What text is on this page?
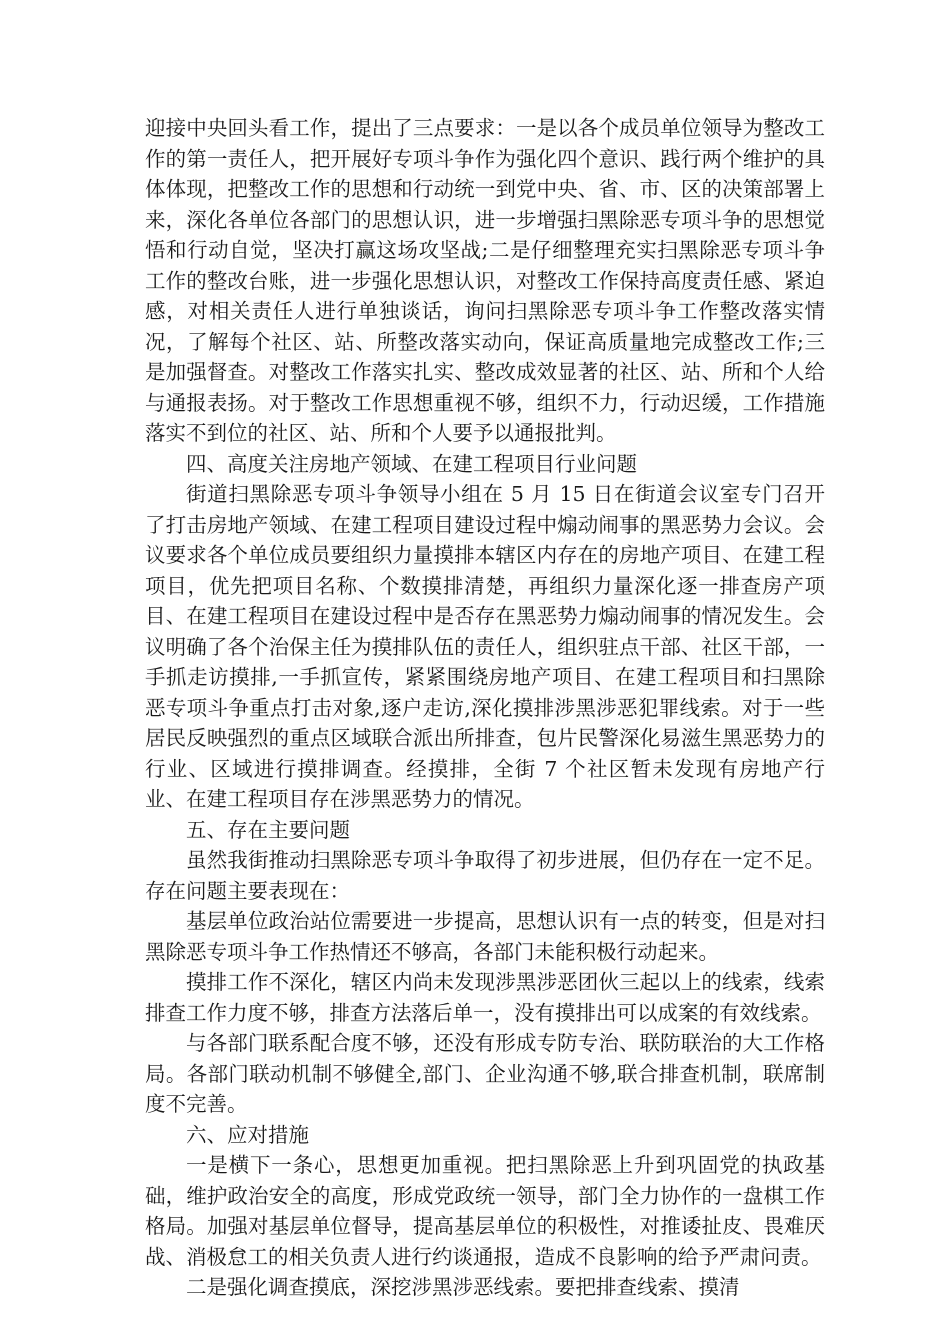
迎接中央回头看工作，提出了三点要求：一是以各个成员单位领导为整改工作的第一责任人，把开展好专项斗争作为强化四个意识、践行两个维护的具体体现，把整改工作的思想和行动统一到党中央、省、市、区的决策部署上来，深化各单位各部门的思想认识，进一步增强扫黑除恶专项斗争的思想觉悟和行动自觉，坚决打赢这场攻坚战;二是仔细整理充实扫黑除恶专项斗争工作的整改台账，进一步强化思想认识，对整改工作保持高度责任感、紧迫感，对相关责任人进行单独谈话，询问扫黑除恶专项斗争工作整改落实情况，了解每个社区、站、所整改落实动向，保证高质量地完成整改工作;三是加强督查。对整改工作落实扎实、整改成效显著的社区、站、所和个人给与通报表扬。对于整改工作思想重视不够，组织不力，行动迟缓，工作措施落实不到位的社区、站、所和个人要予以通报批判。

四、高度关注房地产领域、在建工程项目行业问题

街道扫黑除恶专项斗争领导小组在 5 月 15 日在街道会议室专门召开了打击房地产领域、在建工程项目建设过程中煽动闹事的黑恶势力会议。会议要求各个单位成员要组织力量摸排本辖区内存在的房地产项目、在建工程项目，优先把项目名称、个数摸排清楚，再组织力量深化逐一排查房产项目、在建工程项目在建设过程中是否存在黑恶势力煽动闹事的情况发生。会议明确了各个治保主任为摸排队伍的责任人，组织驻点干部、社区干部，一手抓走访摸排,一手抓宣传，紧紧围绕房地产项目、在建工程项目和扫黑除恶专项斗争重点打击对象,逐户走访,深化摸排涉黑涉恶犯罪线索。对于一些居民反映强烈的重点区域联合派出所排查，包片民警深化易滋生黑恶势力的行业、区域进行摸排调查。经摸排，全街 7 个社区暂未发现有房地产行业、在建工程项目存在涉黑恶势力的情况。

五、存在主要问题

虽然我街推动扫黑除恶专项斗争取得了初步进展，但仍存在一定不足。存在问题主要表现在：

基层单位政治站位需要进一步提高，思想认识有一点的转变，但是对扫黑除恶专项斗争工作热情还不够高，各部门未能积极行动起来。

摸排工作不深化，辖区内尚未发现涉黑涉恶团伙三起以上的线索，线索排查工作力度不够，排查方法落后单一，没有摸排出可以成案的有效线索。

与各部门联系配合度不够，还没有形成专防专治、联防联治的大工作格局。各部门联动机制不够健全,部门、企业沟通不够,联合排查机制，联席制度不完善。

六、应对措施

一是横下一条心，思想更加重视。把扫黑除恶上升到巩固党的执政基础，维护政治安全的高度，形成党政统一领导，部门全力协作的一盘棋工作格局。加强对基层单位督导，提高基层单位的积极性，对推诿扯皮、畏难厌战、消极怠工的相关负责人进行约谈通报，造成不良影响的给予严肃问责。

二是强化调查摸底，深挖涉黑涉恶线索。要把排查线索、摸清
